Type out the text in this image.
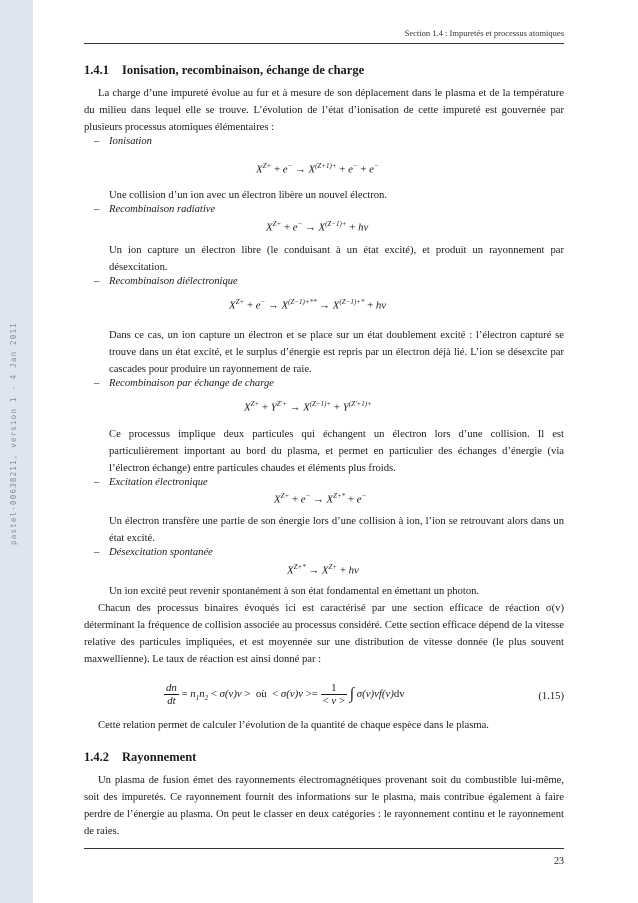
pastel-00638211, version 1 - 4 Jan 2011
Section 1.4 : Impuretés et processus atomiques
1.4.1 Ionisation, recombinaison, échange de charge
La charge d’une impureté évolue au fur et à mesure de son déplacement dans le plasma et de la température du milieu dans lequel elle se trouve. L’évolution de l’état d’ionisation de cette impureté est gouvernée par plusieurs processus atomiques élémentaires :
– Ionisation
$X^{Z+} + e^- \to X^{(Z+1)+} + e^- + e^-$
Une collision d’un ion avec un électron libère un nouvel électron.
– Recombinaison radiative
$X^{Z+} + e^- \to X^{(Z-1)+} + h\nu$
Un ion capture un électron libre (le conduisant à un état excité), et produit un rayonnement par désexcitation.
– Recombinaison diélectronique
$X^{Z+} + e^- \to X^{(Z-1)+**} \to X^{(Z-1)+*} + h\nu$
Dans ce cas, un ion capture un électron et se place sur un état doublement excité : l’électron capturé se trouve dans un état excité, et le surplus d’énergie est repris par un électron déjà lié. L’ion se désexcite par cascades pour produire un rayonnement de raie.
– Recombinaison par échange de charge
$X^{Z+} + Y^{Z'+} \to X^{(Z-1)+} + Y^{(Z'+1)+}$
Ce processus implique deux particules qui échangent un électron lors d’une collision. Il est particulièrement important au bord du plasma, et permet en particulier des échanges d’énergie (via l’électron échange) entre particules chaudes et éléments plus froids.
– Excitation électronique
$X^{Z+} + e^- \to X^{Z+*} + e^-$
Un électron transfère une partie de son énergie lors d’une collision à ion, l’ion se retrouvant alors dans un état excité.
– Désexcitation spontanée
$X^{Z+*} \to X^{Z+} + h\nu$
Un ion excité peut revenir spontanément à son état fondamental en émettant un photon.
Chacun des processus binaires évoqués ici est caractérisé par une section efficace de réaction σ(v) déterminant la fréquence de collision associée au processus considéré. Cette section efficace dépend de la vitesse relative des particules impliquées, et est moyennée sur une distribution de vitesse donnée (le plus souvent maxwellienne). Le taux de réaction est ainsi donné par :
$\frac{dn}{dt} = n_1n_2 < \sigma(v)v$ >  où  < $\sigma(v)v >= \frac{1}{< v >}$ ∫ σ(v)vf(v)dv	(1.15)
Cette relation permet de calculer l’évolution de la quantité de chaque espèce dans le plasma.
1.4.2 Rayonnement
Un plasma de fusion émet des rayonnements électromagnétiques provenant soit du combustible lui-même, soit des impuretés. Ce rayonnement fournit des informations sur le plasma, mais contribue également à faire perdre de l’énergie au plasma. On peut le classer en deux catégories : le rayonnement continu et le rayonnement de raies.
23
